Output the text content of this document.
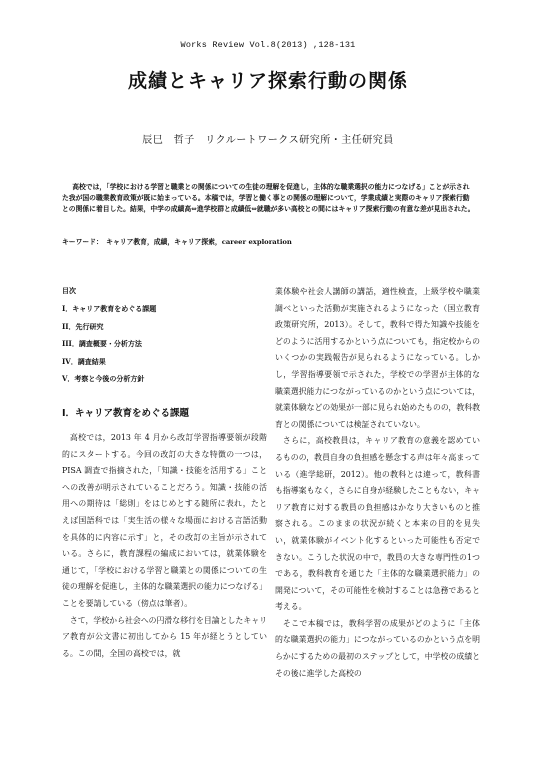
Works Review Vol.8(2013) ,128-131
成績とキャリア探索行動の関係
辰巳　哲子　リクルートワークス研究所・主任研究員

高校では，「学校における学習と職業との関係についての生徒の理解を促進し，主体的な職業選択の能力につなげる」ことが示された我が国の職業教育政策が既に始まっている。本稿では，学習と働く事との関係の理解について，学業成績と実際のキャリア探索行動との関係に着目した。結果，中学の成績高⇔進学校群と成績低⇔就職が多い高校との間にはキャリア探索行動の有意な差が見出された。

キーワード：　キャリア教育，成績，キャリア探索，career exploration
目次
I．キャリア教育をめぐる課題
II．先行研究
III．調査概要・分析方法
IV．調査結果
V．考察と今後の分析方針
I．キャリア教育をめぐる課題

高校では，2013 年 4 月から改訂学習指導要領が段階的にスタートする。今回の改訂の大きな特徴の一つは，PISA 調査で指摘された，「知識・技能を活用する」ことへの改善が明示されていることだろう。知識・技能の活用への期待は「総則」をはじめとする随所に表れ，たとえば国語科では「実生活の様々な場面における言語活動を具体的に内容に示す」と，その改訂の主旨が示されている。さらに，教育課程の編成においては，就業体験を通じて，「学校における学習と職業との関係についての生徒の理解を促進し，主体的な職業選択の能力につなげる」ことを要請している（傍点は筆者）。

さて，学校から社会への円滑な移行を目論としたキャリア教育が公文書に初出してから 15 年が経とうとしている。この間，全国の高校では，就

業体験や社会人講師の講話，適性検査，上級学校や職業調べといった活動が実施されるようになった（国立教育政策研究所，2013）。そして，教科で得た知識や技能をどのように活用するかという点についても，指定校からのいくつかの実践報告が見られるようになっている。しかし，学習指導要領で示された，学校での学習が主体的な職業選択能力につながっているのかという点については，就業体験などの効果が一部に見られ始めたものの，教科教育との関係については検証されていない。

さらに，高校教員は，キャリア教育の意義を認めているものの，教員自身の負担感を懸念する声は年々高まっている（進学総研，2012）。他の教科とは違って，教科書も指導案もなく，さらに自身が経験したこともない，キャリア教育に対する教員の負担感はかなり大きいものと推察される。このままの状況が続くと本来の目的を見失い，就業体験がイベント化するといった可能性も否定できない。こうした状況の中で，教員の大きな専門性の1つである，教科教育を通じた「主体的な職業選択能力」の開発について，その可能性を検討することは急務であると考える。

そこで本稿では，教科学習の成果がどのように「主体的な職業選択の能力」につながっているのかという点を明らかにするための最初のステップとして，中学校の成績とその後に進学した高校の
